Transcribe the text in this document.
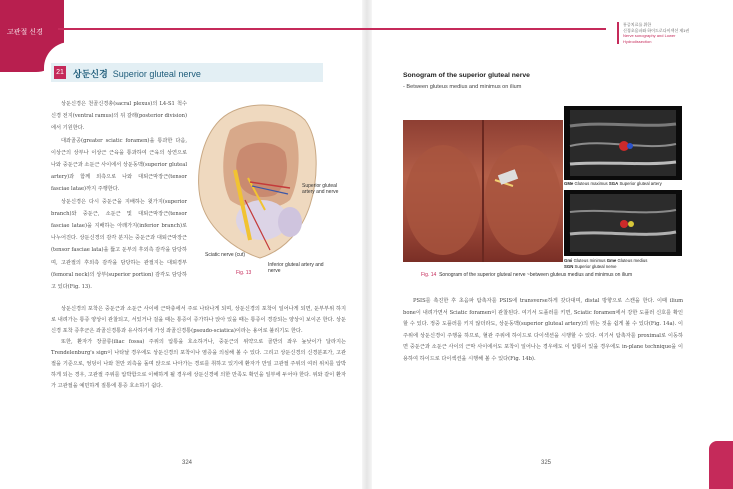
고관절 신경
통증치료를 위한
신경초음파와 하이드로다이섹션 제1권
Nerve sonography and Lower
Hydrodissection
21 상둔신경 Superior gluteal nerve

상둔신경은 천골신경총(sacral plexus)의 L4-S1 척수신경 전지(ventral ramus)의 뒤 갈래(posterior division)에서 기원한다.

대좌골공(greater sciatic foramen)을 통과한 다음, 이상근의 상부나 이상근 근육을 통과하여 근육의 상연으로 나와 중둔근과 소둔근 사이에서 상둔동맥(superior gluteal artery)과 함께 외측으로 나와 대퇴근막장근(tensor fasciae latae)까지 주행한다.

상둔신경은 다시 중둔근을 지배하는 윗가지(superior branch)와 중둔근, 소둔근 및 대퇴근막장근(tensor fasciae latae)을 지배하는 아래가지(inferior branch)로 나누어진다. 상둔신경의 감각 분지는 중둔근과 대퇴근막장근(tensor fasciae lata)을 뚫고 둔부의 후외측 감각을 담당하며, 고관절의 후외측 감각을 담당하는 관절지는 대퇴경부(femoral neck)의 상부(superior portion) 감각도 담당하고 있다(Fig. 13).

상둔신경의 포착은 중둔근과 소둔근 사이에 근막층에서 주로 나타나게 되며, 상둔신경의 포착이 일어나게 되면, 둔부부위 하지로 내려가는 통증 양상이 관찰되고, 서있거나 걸을 때는 통증이 증가하나 앉아 있을 때는 통증이 경감되는 양상이 보이곤 한다. 상둔신경 포착 증후군은 좌골신경통과 유사하기에 가성 좌골신경통(pseudo-sciatica)이라는 용어로 불리기도 한다.

또한, 환자가 장골릉(iliac fossa) 주위의 압통을 호소하거나, 중둔근의 위약으로 골반의 좌우 높낮이가 달라지는 Trendelenburg's sign이 나타날 경우에도 상둔신경의 포착이나 염증을 의심해 볼 수 있다. 그리고 상둔신경의 신경분포가, 고관절을 기준으로, 엉덩이 나와 천만 외측을 돌며 앉으로 나아가는 경로를 취하고 있기에 환자가 만일 고관절 주위의 여러 위치를 압박하게 되는 경우, 고관절 주위를 압박함으로 이해하게 될 경우에 상둔신경에 의한 만족도 확인을 일부에 두어야 한다. 위와 같이 환자가 고관절을 예민하게 질통에 통증 호소하기 쉽다.

Superior gluteal artery and nerve
Sciatic nerve (cut)
Inferior gluteal artery and nerve
Fig. 13
Sonogram of the superior gluteal nerve
- Between gluteus medius and minimus on ilium
GMe Gluteus maximus SGA Superior gluteal artery
Gmi Gluteus minimus Gme Gluteus medius
SGN Superior gluteal nerve
Fig. 14 Sonogram of the superior gluteal nerve ~between gluteus medius and minimus on ilium

PSIS를 촉진한 후 초음파 탐촉자를 PSIS에 transverse하게 갖다대며, distal 방향으로 스캔을 한다. 이때 ilium bone이 내려가면서 Sciatic foramen이 관찰된다. 여기서 도플러를 키면, Sciatic foramen에서 강한 도플러 신호를 확인할 수 있다. 정중 도플러를 키지 않더라도, 상둔동맥(superior gluteal artery)의 뛰는 것을 쉽게 볼 수 있다(Fig. 14a). 이 주위에 상둔신경이 주행을 하므로, 혈관 주위에 하이드로 다이섹션을 시행할 수 있다. 여기서 탐촉자를 proximal로 이동하면 중둔근과 소둔근 사이의 근막 사이에서도 포착이 일어나는 경우에도 이 압통이 있을 경우에도 in-plane technique을 이용하여 하이드로 다이섹션을 시행해 볼 수 있다(Fig. 14b).

324	325
